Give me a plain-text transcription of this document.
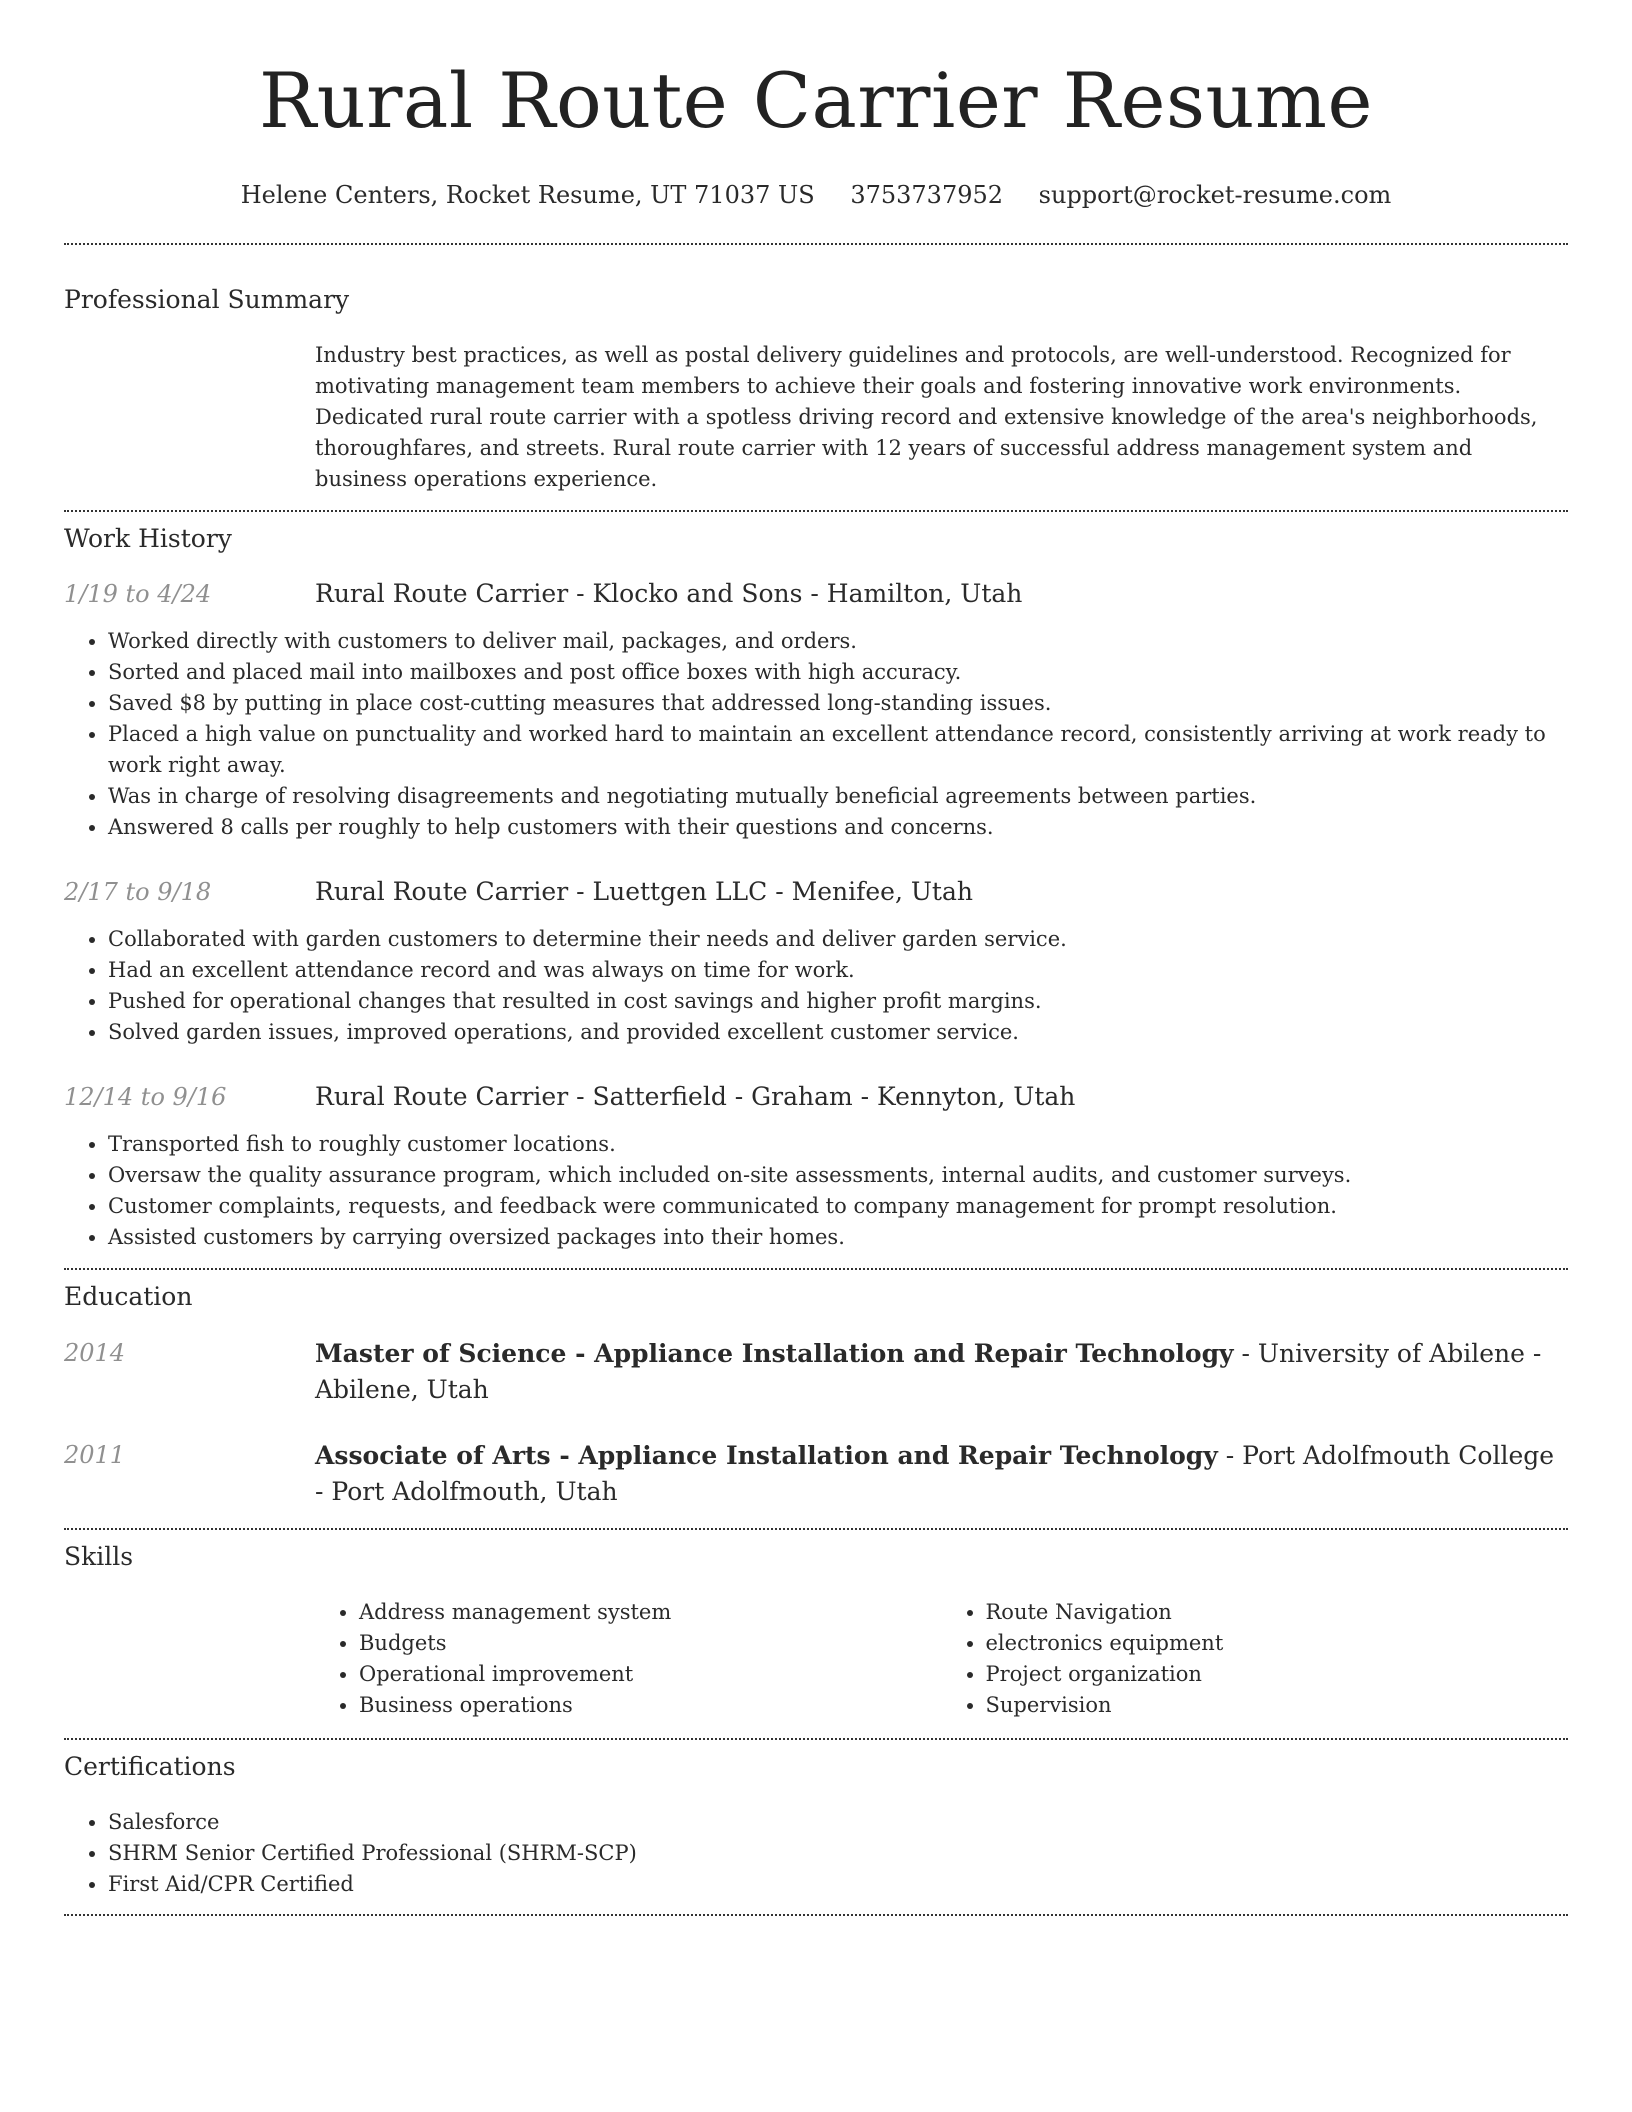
Rural Route Carrier Resume
Helene Centers, Rocket Resume, UT 71037 US 3753737952 support@rocket-resume.com
Professional Summary
Industry best practices, as well as postal delivery guidelines and protocols, are well-understood. Recognized for motivating management team members to achieve their goals and fostering innovative work environments. Dedicated rural route carrier with a spotless driving record and extensive knowledge of the area's neighborhoods, thoroughfares, and streets. Rural route carrier with 12 years of successful address management system and business operations experience.
Work History
1/19 to 4/24	Rural Route Carrier - Klocko and Sons - Hamilton, Utah
• Worked directly with customers to deliver mail, packages, and orders.
• Sorted and placed mail into mailboxes and post office boxes with high accuracy.
• Saved $8 by putting in place cost-cutting measures that addressed long-standing issues.
• Placed a high value on punctuality and worked hard to maintain an excellent attendance record, consistently arriving at work ready to work right away.
• Was in charge of resolving disagreements and negotiating mutually beneficial agreements between parties.
• Answered 8 calls per roughly to help customers with their questions and concerns.
2/17 to 9/18	Rural Route Carrier - Luettgen LLC - Menifee, Utah
• Collaborated with garden customers to determine their needs and deliver garden service.
• Had an excellent attendance record and was always on time for work.
• Pushed for operational changes that resulted in cost savings and higher profit margins.
• Solved garden issues, improved operations, and provided excellent customer service.
12/14 to 9/16	Rural Route Carrier - Satterfield - Graham - Kennyton, Utah
• Transported fish to roughly customer locations.
• Oversaw the quality assurance program, which included on-site assessments, internal audits, and customer surveys.
• Customer complaints, requests, and feedback were communicated to company management for prompt resolution.
• Assisted customers by carrying oversized packages into their homes.
Education
2014	Master of Science - Appliance Installation and Repair Technology - University of Abilene - Abilene, Utah
2011	Associate of Arts - Appliance Installation and Repair Technology - Port Adolfmouth College - Port Adolfmouth, Utah
Skills
• Address management system
• Budgets
• Operational improvement
• Business operations
• Route Navigation
• electronics equipment
• Project organization
• Supervision
Certifications
• Salesforce
• SHRM Senior Certified Professional (SHRM-SCP)
• First Aid/CPR Certified
